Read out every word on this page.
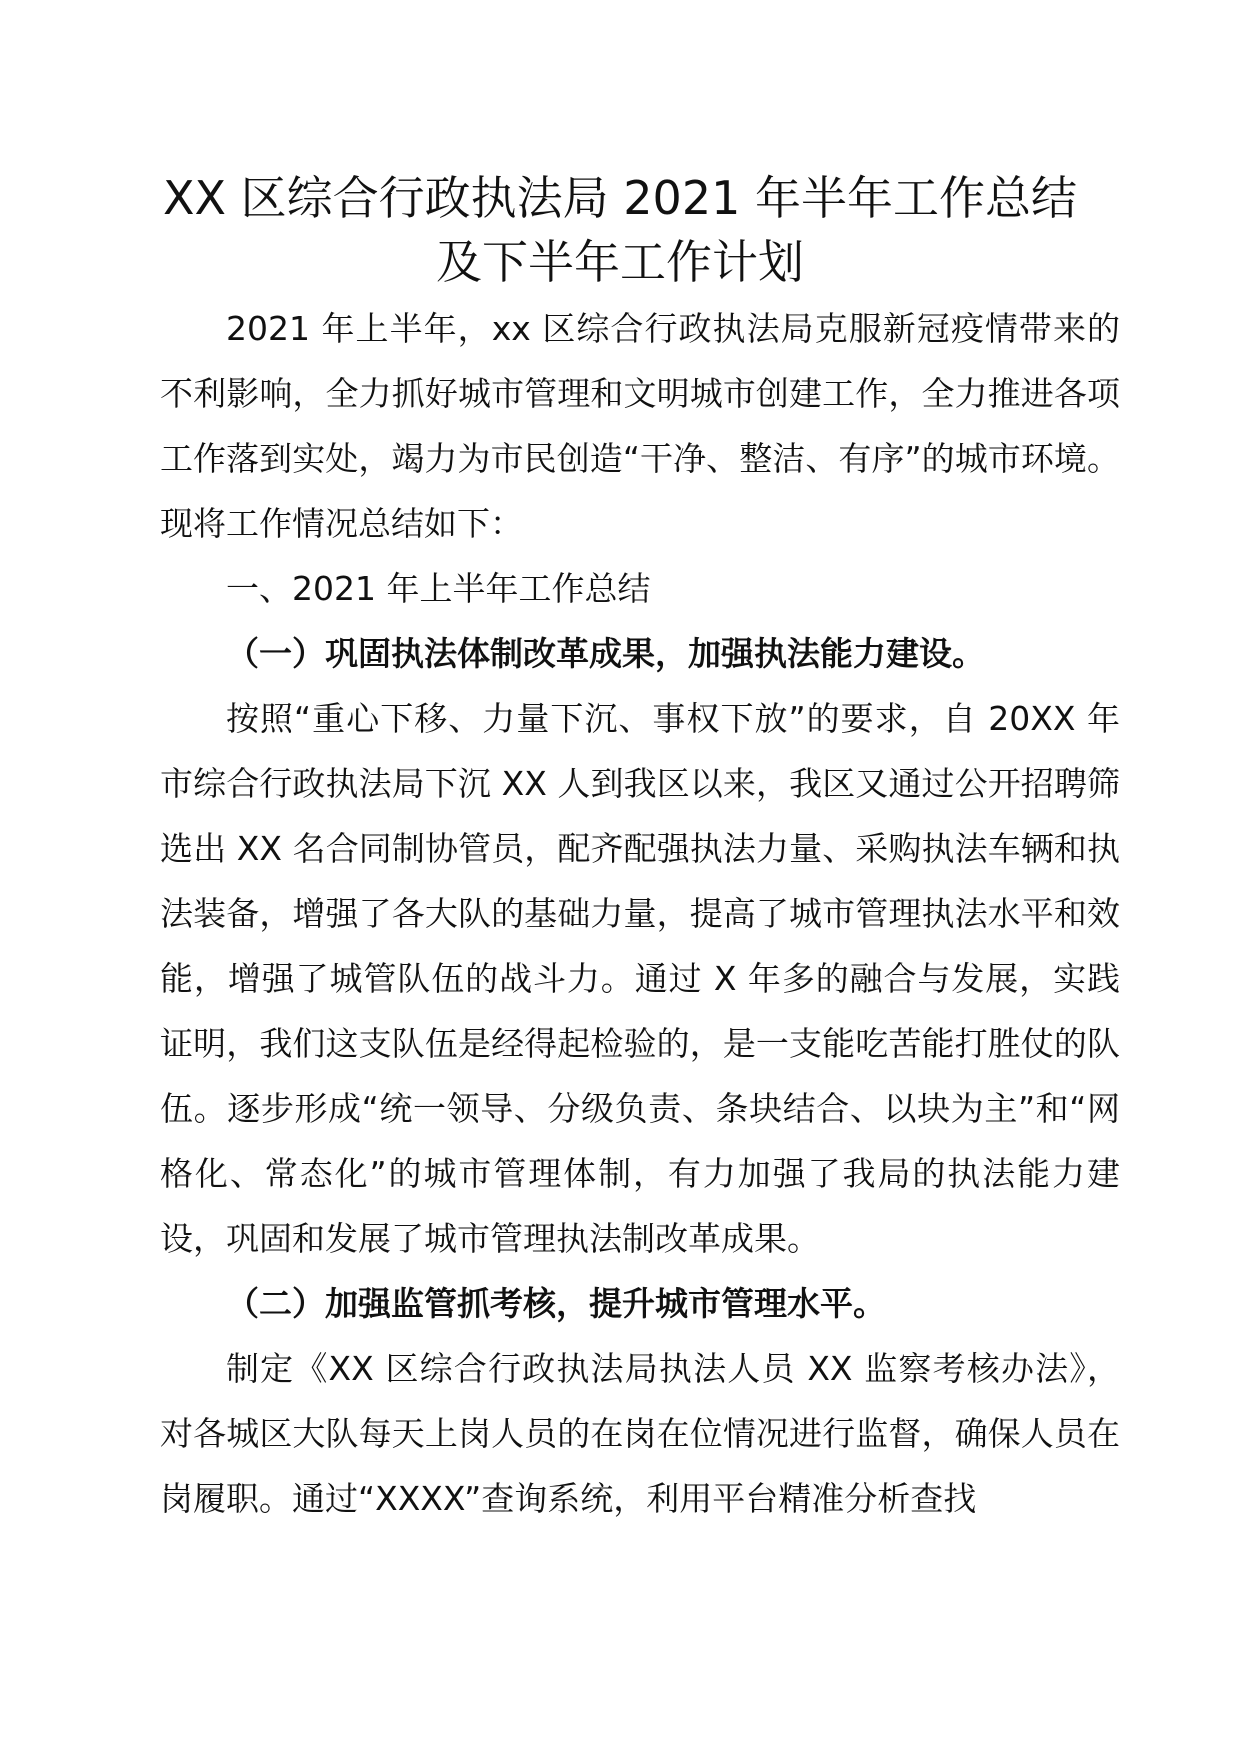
XX 区综合行政执法局 2021 年半年工作总结
及下半年工作计划

2021 年上半年，xx 区综合行政执法局克服新冠疫情带来的不利影响，全力抓好城市管理和文明城市创建工作，全力推进各项工作落到实处，竭力为市民创造“干净、整洁、有序”的城市环境。现将工作情况总结如下：

一、2021 年上半年工作总结

（一）巩固执法体制改革成果，加强执法能力建设。

按照“重心下移、力量下沉、事权下放”的要求，自 20XX 年市综合行政执法局下沉 XX 人到我区以来，我区又通过公开招聘筛选出 XX 名合同制协管员，配齐配强执法力量、采购执法车辆和执法装备，增强了各大队的基础力量，提高了城市管理执法水平和效能，增强了城管队伍的战斗力。通过 X 年多的融合与发展，实践证明，我们这支队伍是经得起检验的，是一支能吃苦能打胜仗的队伍。逐步形成“统一领导、分级负责、条块结合、以块为主”和“网格化、常态化”的城市管理体制，有力加强了我局的执法能力建设，巩固和发展了城市管理执法制改革成果。

（二）加强监管抓考核，提升城市管理水平。

制定《XX 区综合行政执法局执法人员 XX 监察考核办法》，对各城区大队每天上岗人员的在岗在位情况进行监督，确保人员在岗履职。通过“XXXX”查询系统，利用平台精准分析查找
